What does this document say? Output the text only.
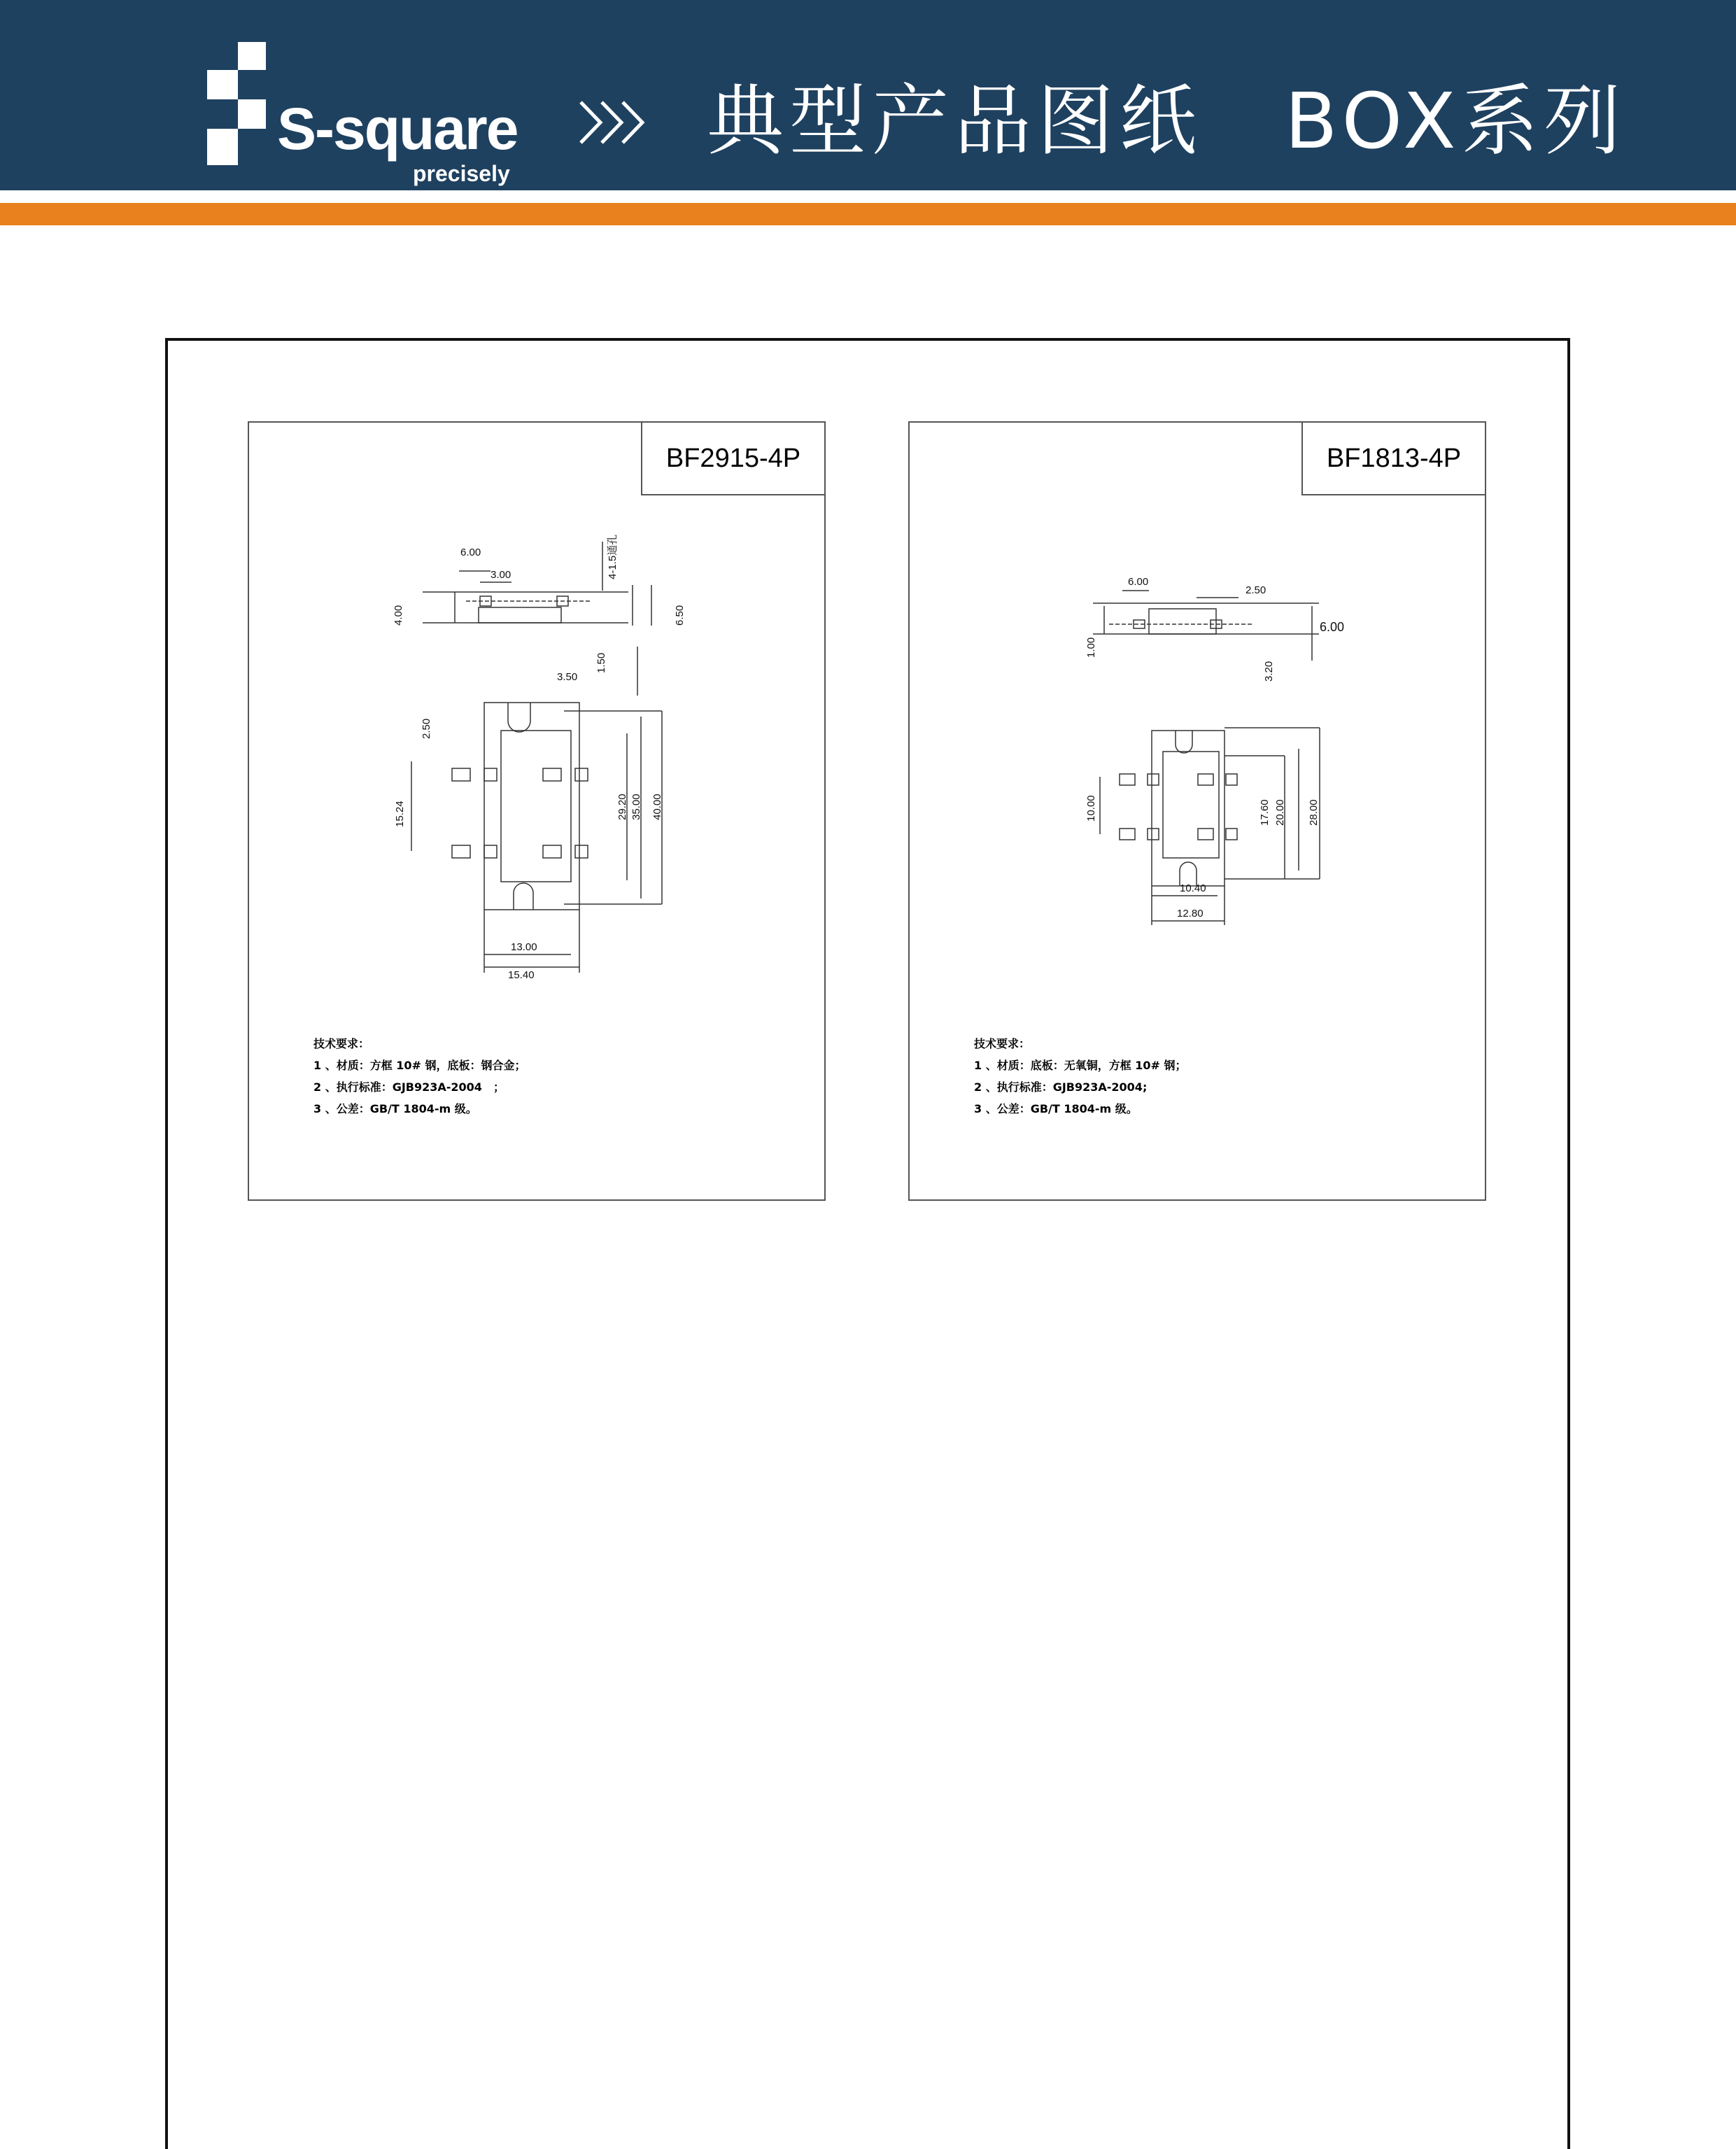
S-square
precisely
典型产品图纸　BOX系列
BF2915-4P
6.00
3.00	4-1.5通孔
4.00	6.50
3.50
1.50
2.50
15.24	29.20 35.00 40.00
13.00
15.40
技术要求：
1 、材质：方框 10# 钢，底板：钢合金；
2 、执行标准：GJB923A-2004　；
3 、公差：GB/T 1804-m 级。
BF1813-4P
6.00
2.50
1.00
6.00
3.20
10.00	17.60 20.00 28.00
10.40
12.80
技术要求：
1 、材质：底板：无氧铜，方框 10# 钢；
2 、执行标准：GJB923A-2004;
3 、公差：GB/T 1804-m 级。
